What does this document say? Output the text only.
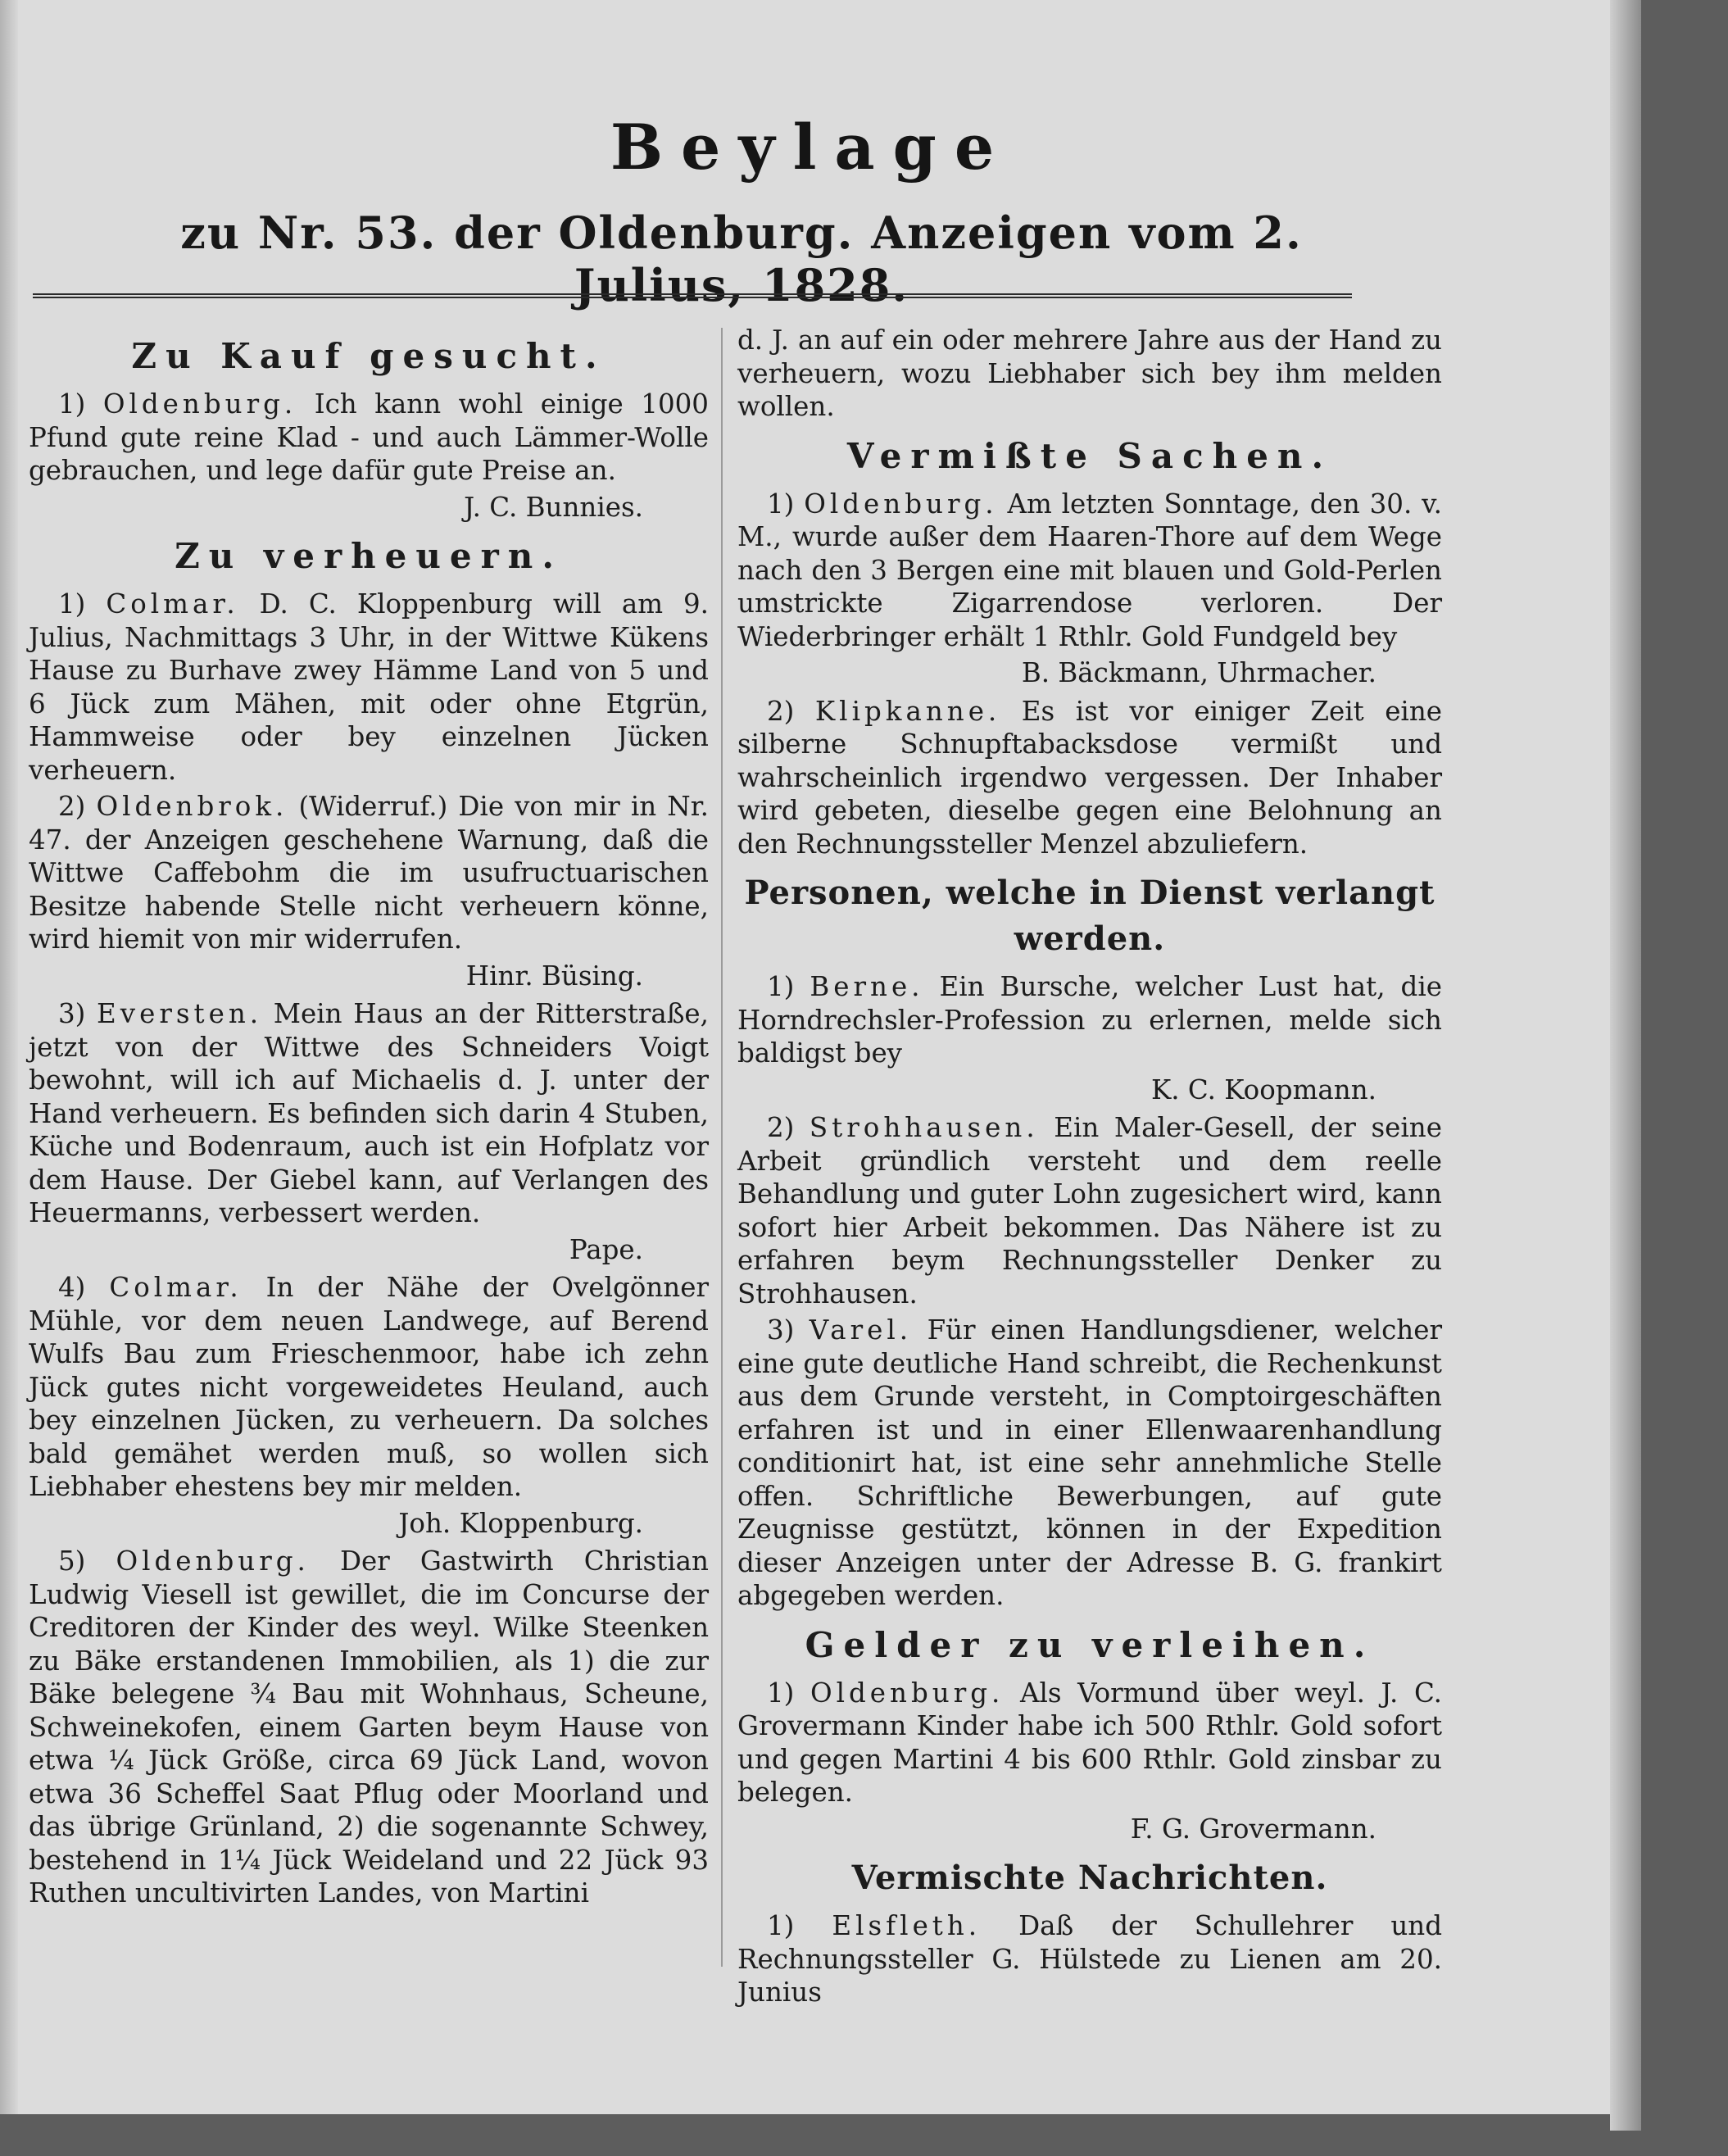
Beylage
zu Nr. 53. der Oldenburg. Anzeigen vom 2. Julius, 1828.
Zu Kauf gesucht.

1) Oldenburg. Ich kann wohl einige 1000 Pfund gute reine Klad - und auch Lämmer-Wolle gebrauchen, und lege dafür gute Preise an.

J. C. Bunnies.

Zu verheuern.

1) Colmar. D. C. Kloppenburg will am 9. Julius, Nachmittags 3 Uhr, in der Wittwe Kükens Hause zu Burhave zwey Hämme Land von 5 und 6 Jück zum Mähen, mit oder ohne Etgrün, Hammweise oder bey einzelnen Jücken verheuern.

2) Oldenbrok. (Widerruf.) Die von mir in Nr. 47. der Anzeigen geschehene Warnung, daß die Wittwe Caffebohm die im usufructuarischen Besitze habende Stelle nicht verheuern könne, wird hiemit von mir widerrufen.

Hinr. Büsing.

3) Eversten. Mein Haus an der Ritterstraße, jetzt von der Wittwe des Schneiders Voigt bewohnt, will ich auf Michaelis d. J. unter der Hand verheuern. Es befinden sich darin 4 Stuben, Küche und Bodenraum, auch ist ein Hofplatz vor dem Hause. Der Giebel kann, auf Verlangen des Heuermanns, verbessert werden.

Pape.

4) Colmar. In der Nähe der Ovelgönner Mühle, vor dem neuen Landwege, auf Berend Wulfs Bau zum Frieschenmoor, habe ich zehn Jück gutes nicht vorgeweidetes Heuland, auch bey einzelnen Jücken, zu verheuern. Da solches bald gemähet werden muß, so wollen sich Liebhaber ehestens bey mir melden.

Joh. Kloppenburg.

5) Oldenburg. Der Gastwirth Christian Ludwig Viesell ist gewillet, die im Concurse der Creditoren der Kinder des weyl. Wilke Steenken zu Bäke erstandenen Immobilien, als 1) die zur Bäke belegene ¾ Bau mit Wohnhaus, Scheune, Schweinekofen, einem Garten beym Hause von etwa ¼ Jück Größe, circa 69 Jück Land, wovon etwa 36 Scheffel Saat Pflug oder Moorland und das übrige Grünland, 2) die sogenannte Schwey, bestehend in 1¼ Jück Weideland und 22 Jück 93 Ruthen uncultivirten Landes, von Martini

d. J. an auf ein oder mehrere Jahre aus der Hand zu verheuern, wozu Liebhaber sich bey ihm melden wollen.

Vermißte Sachen.

1) Oldenburg. Am letzten Sonntage, den 30. v. M., wurde außer dem Haaren-Thore auf dem Wege nach den 3 Bergen eine mit blauen und Gold-Perlen umstrickte Zigarrendose verloren. Der Wiederbringer erhält 1 Rthlr. Gold Fundgeld bey

B. Bäckmann, Uhrmacher.

2) Klipkanne. Es ist vor einiger Zeit eine silberne Schnupftabacksdose vermißt und wahrscheinlich irgendwo vergessen. Der Inhaber wird gebeten, dieselbe gegen eine Belohnung an den Rechnungssteller Menzel abzuliefern.

Personen, welche in Dienst verlangt werden.

1) Berne. Ein Bursche, welcher Lust hat, die Horndrechsler-Profession zu erlernen, melde sich baldigst bey

K. C. Koopmann.

2) Strohhausen. Ein Maler-Gesell, der seine Arbeit gründlich versteht und dem reelle Behandlung und guter Lohn zugesichert wird, kann sofort hier Arbeit bekommen. Das Nähere ist zu erfahren beym Rechnungssteller Denker zu Strohhausen.

3) Varel. Für einen Handlungsdiener, welcher eine gute deutliche Hand schreibt, die Rechenkunst aus dem Grunde versteht, in Comptoirgeschäften erfahren ist und in einer Ellenwaarenhandlung conditionirt hat, ist eine sehr annehmliche Stelle offen. Schriftliche Bewerbungen, auf gute Zeugnisse gestützt, können in der Expedition dieser Anzeigen unter der Adresse B. G. frankirt abgegeben werden.

Gelder zu verleihen.

1) Oldenburg. Als Vormund über weyl. J. C. Grovermann Kinder habe ich 500 Rthlr. Gold sofort und gegen Martini 4 bis 600 Rthlr. Gold zinsbar zu belegen.

F. G. Grovermann.

Vermischte Nachrichten.

1) Elsfleth. Daß der Schullehrer und Rechnungssteller G. Hülstede zu Lienen am 20. Junius
